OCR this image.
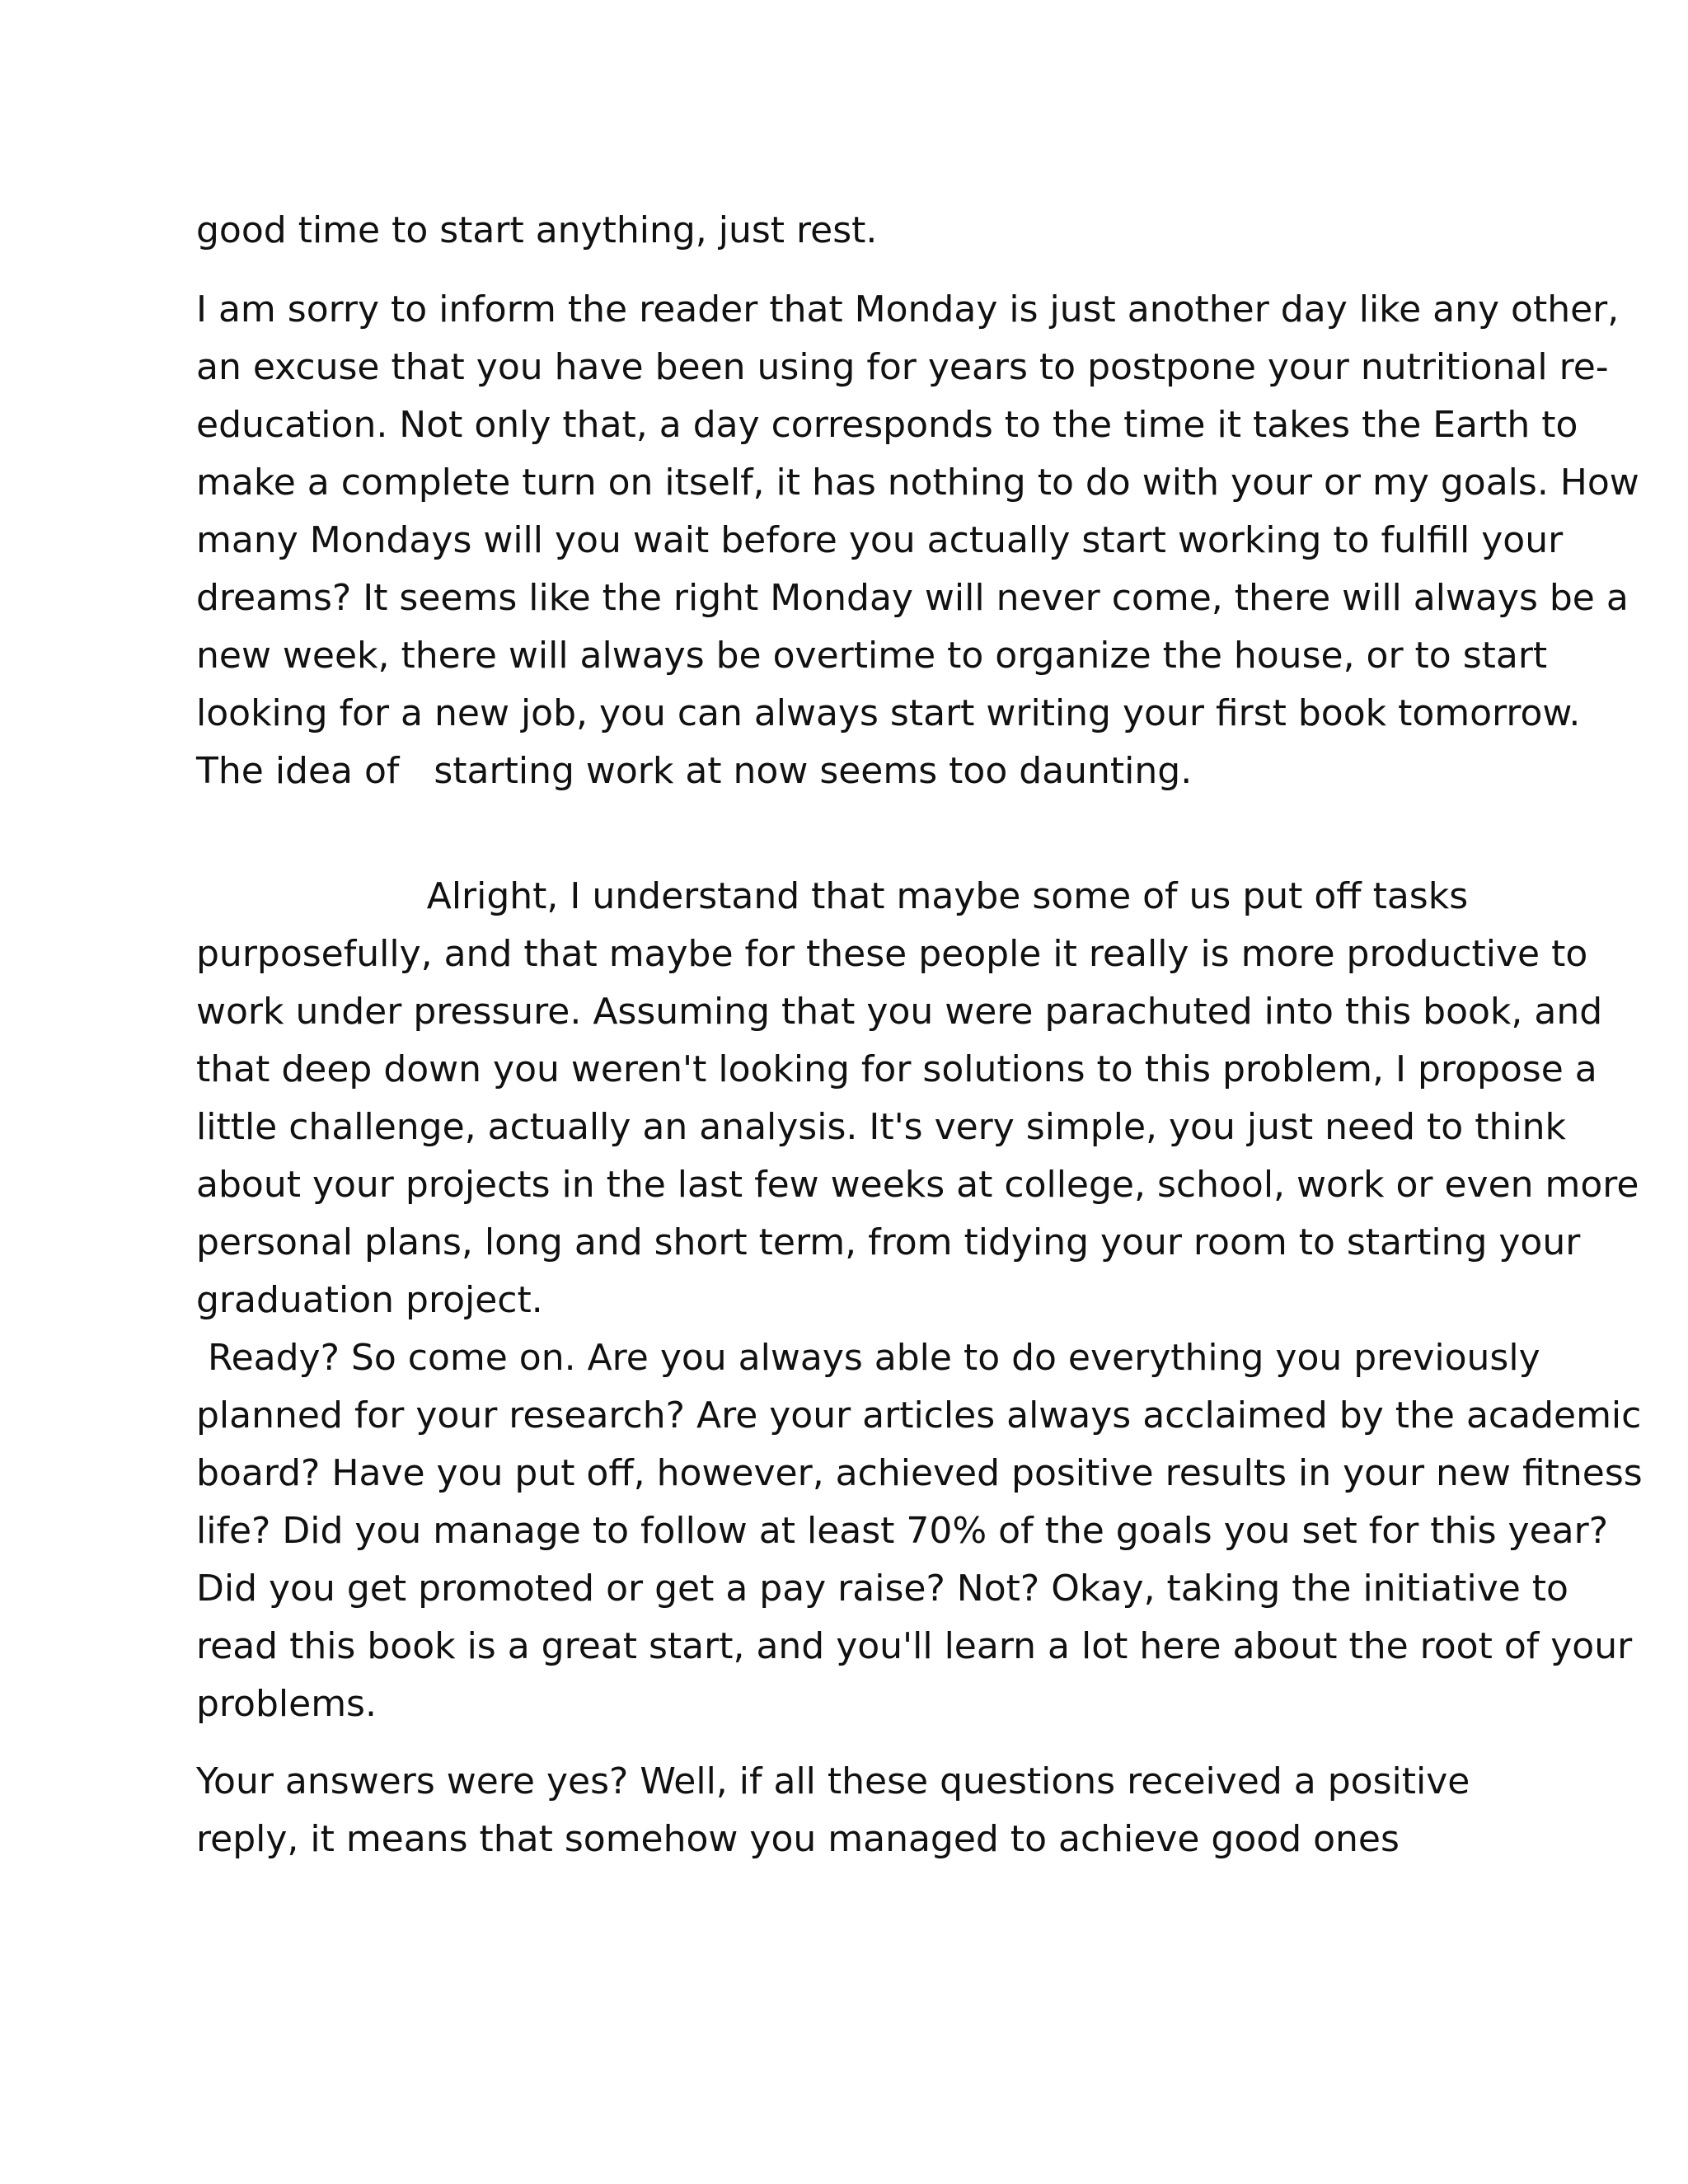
good time to start anything, just rest.
I am sorry to inform the reader that Monday is just another day like any other,
an excuse that you have been using for years to postpone your nutritional re-
education. Not only that, a day corresponds to the time it takes the Earth to
make a complete turn on itself, it has nothing to do with your or my goals. How
many Mondays will you wait before you actually start working to fulfill your
dreams? It seems like the right Monday will never come, there will always be a
new week, there will always be overtime to organize the house, or to start
looking for a new job, you can always start writing your first book tomorrow.
The idea of   starting work at now seems too daunting.
Alright, I understand that maybe some of us put off tasks
purposefully, and that maybe for these people it really is more productive to
work under pressure. Assuming that you were parachuted into this book, and
that deep down you weren't looking for solutions to this problem, I propose a
little challenge, actually an analysis. It's very simple, you just need to think
about your projects in the last few weeks at college, school, work or even more
personal plans, long and short term, from tidying your room to starting your
graduation project.
Ready? So come on. Are you always able to do everything you previously
planned for your research? Are your articles always acclaimed by the academic
board? Have you put off, however, achieved positive results in your new fitness
life? Did you manage to follow at least 70% of the goals you set for this year?
Did you get promoted or get a pay raise? Not? Okay, taking the initiative to
read this book is a great start, and you'll learn a lot here about the root of your
problems.
Your answers were yes? Well, if all these questions received a positive
reply, it means that somehow you managed to achieve good ones
